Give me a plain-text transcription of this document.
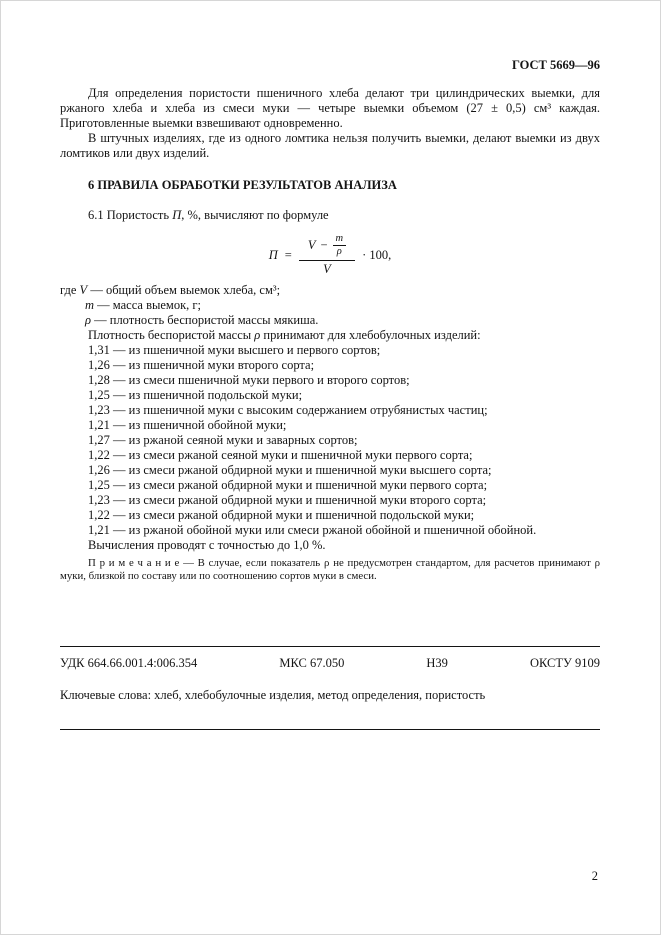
ГОСТ 5669—96

Для определения пористости пшеничного хлеба делают три цилиндрических выемки, для ржаного хлеба и хлеба из смеси муки — четыре выемки объемом (27 ± 0,5) см³ каждая. Приготовленные выемки взвешивают одновременно.

В штучных изделиях, где из одного ломтика нельзя получить выемки, делают выемки из двух ломтиков или двух изделий.

6 ПРАВИЛА ОБРАБОТКИ РЕЗУЛЬТАТОВ АНАЛИЗА
6.1 Пористость П, %, вычисляют по формуле
$П = \frac{V - \frac{m}{\rho}}{V} \cdot 100$,
где V — общий объем выемок хлеба, см³;
m — масса выемок, г;
ρ — плотность беспористой массы мякиша.
Плотность беспористой массы ρ принимают для хлебобулочных изделий:
1,31 — из пшеничной муки высшего и первого сортов;
1,26 — из пшеничной муки второго сорта;
1,28 — из смеси пшеничной муки первого и второго сортов;
1,25 — из пшеничной подольской муки;
1,23 — из пшеничной муки с высоким содержанием отрубянистых частиц;
1,21 — из пшеничной обойной муки;
1,27 — из ржаной сеяной муки и заварных сортов;
1,22 — из смеси ржаной сеяной муки и пшеничной муки первого сорта;
1,26 — из смеси ржаной обдирной муки и пшеничной муки высшего сорта;
1,25 — из смеси ржаной обдирной муки и пшеничной муки первого сорта;
1,23 — из смеси ржаной обдирной муки и пшеничной муки второго сорта;
1,22 — из смеси ржаной обдирной муки и пшеничной подольской муки;
1,21 — из ржаной обойной муки или смеси ржаной обойной и пшеничной обойной.
Вычисления проводят с точностью до 1,0 %.

П р и м е ч а н и е — В случае, если показатель ρ не предусмотрен стандартом, для расчетов принимают ρ муки, близкой по составу или по соотношению сортов муки в смеси.

УДК 664.66.001.4:006.354	МКС 67.050	Н39	ОКСТУ 9109
Ключевые слова: хлеб, хлебобулочные изделия, метод определения, пористость
2
